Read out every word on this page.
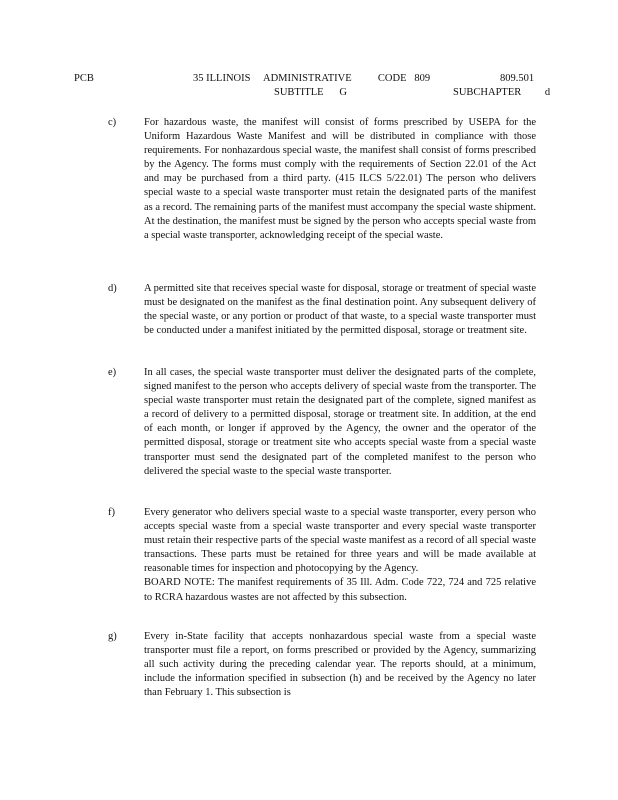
PCB	35 ILLINOIS     ADMINISTRATIVE          CODE   809	809.501
SUBTITLE      G	SUBCHAPTER         d
c)	For hazardous waste, the manifest will consist of forms prescribed by USEPA for the Uniform Hazardous Waste Manifest and will be distributed in compliance with those requirements. For nonhazardous special waste, the manifest shall consist of forms prescribed by the Agency. The forms must comply with the requirements of Section 22.01 of the Act and may be purchased from a third party. (415 ILCS 5/22.01) The person who delivers special waste to a special waste transporter must retain the designated parts of the manifest as a record. The remaining parts of the manifest must accompany the special waste shipment. At the destination, the manifest must be signed by the person who accepts special waste from a special waste transporter, acknowledging receipt of the special waste.

d)	A permitted site that receives special waste for disposal, storage or treatment of special waste must be designated on the manifest as the final destination point. Any subsequent delivery of the special waste, or any portion or product of that waste, to a special waste transporter must be conducted under a manifest initiated by the permitted disposal, storage or treatment site.

e)	In all cases, the special waste transporter must deliver the designated parts of the complete, signed manifest to the person who accepts delivery of special waste from the transporter. The special waste transporter must retain the designated part of the complete, signed manifest as a record of delivery to a permitted disposal, storage or treatment site. In addition, at the end of each month, or longer if approved by the Agency, the owner and the operator of the permitted disposal, storage or treatment site who accepts special waste from a special waste transporter must send the designated part of the completed manifest to the person who delivered the special waste to the special waste transporter.

f)	Every generator who delivers special waste to a special waste transporter, every person who accepts special waste from a special waste transporter and every special waste transporter must retain their respective parts of the special waste manifest as a record of all special waste transactions. These parts must be retained for three years and will be made available at reasonable times for inspection and photocopying by the Agency.

BOARD NOTE: The manifest requirements of 35 Ill. Adm. Code 722, 724 and 725 relative to RCRA hazardous wastes are not affected by this subsection.

g)	Every in-State facility that accepts nonhazardous special waste from a special waste transporter must file a report, on forms prescribed or provided by the Agency, summarizing all such activity during the preceding calendar year. The reports should, at a minimum, include the information specified in subsection (h) and be received by the Agency no later than February 1. This subsection is
